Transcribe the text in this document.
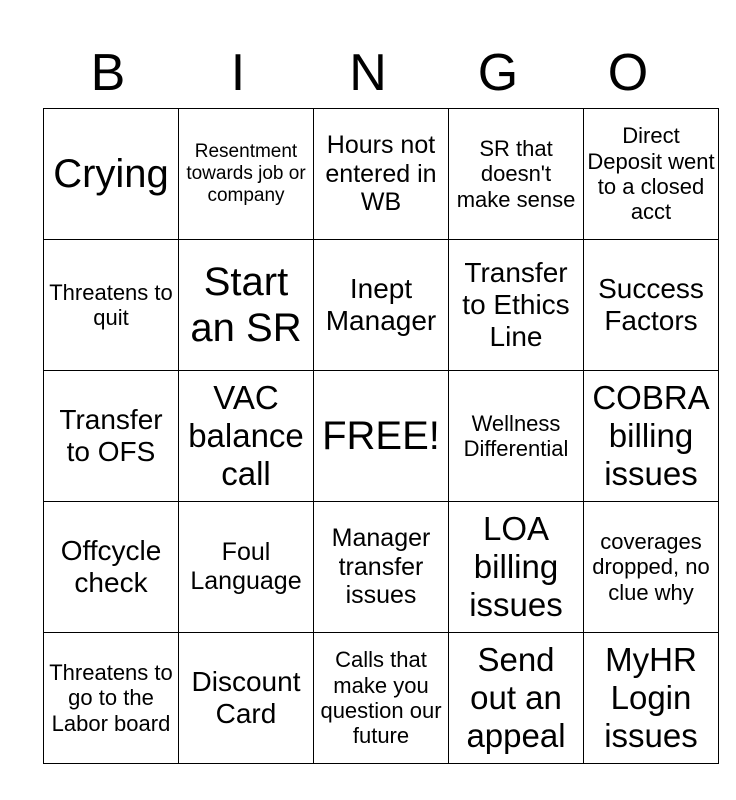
B	I	N	G	O
Crying	Resentment towards job or company	Hours not entered in WB	SR that doesn't make sense	Direct Deposit went to a closed acct
Threatens to quit	Start an SR	Inept Manager	Transfer to Ethics Line	Success Factors
Transfer to OFS	VAC balance call	FREE!	Wellness Differential	COBRA billing issues
Offcycle check	Foul Language	Manager transfer issues	LOA billing issues	coverages dropped, no clue why
Threatens to go to the Labor board	Discount Card	Calls that make you question our future	Send out an appeal	MyHR Login issues
